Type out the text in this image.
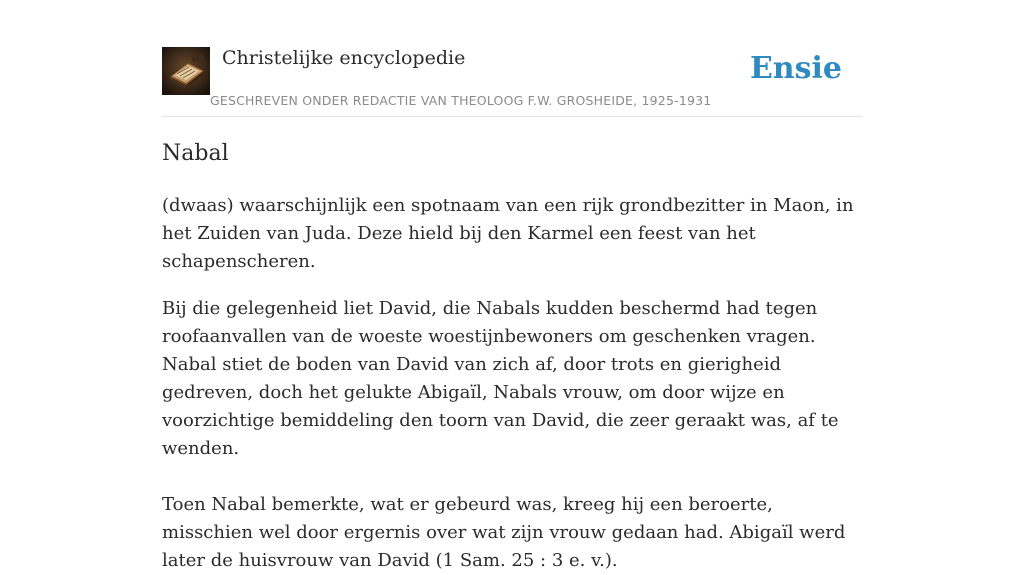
Christelijke encyclopedie
GESCHREVEN ONDER REDACTIE VAN THEOLOOG F.W. GROSHEIDE, 1925-1931
Ensie
Nabal

(dwaas) waarschijnlijk een spotnaam van een rijk grondbezitter in Maon, in het Zuiden van Juda. Deze hield bij den Karmel een feest van het schapenscheren.

Bij die gelegenheid liet David, die Nabals kudden beschermd had tegen roofaanvallen van de woeste woestijnbewoners om geschenken vragen. Nabal stiet de boden van David van zich af, door trots en gierigheid gedreven, doch het gelukte Abigaïl, Nabals vrouw, om door wijze en voorzichtige bemiddeling den toorn van David, die zeer geraakt was, af te wenden.

Toen Nabal bemerkte, wat er gebeurd was, kreeg hij een beroerte, misschien wel door ergernis over wat zijn vrouw gedaan had. Abigaïl werd later de huisvrouw van David (1 Sam. 25 : 3 e. v.).
